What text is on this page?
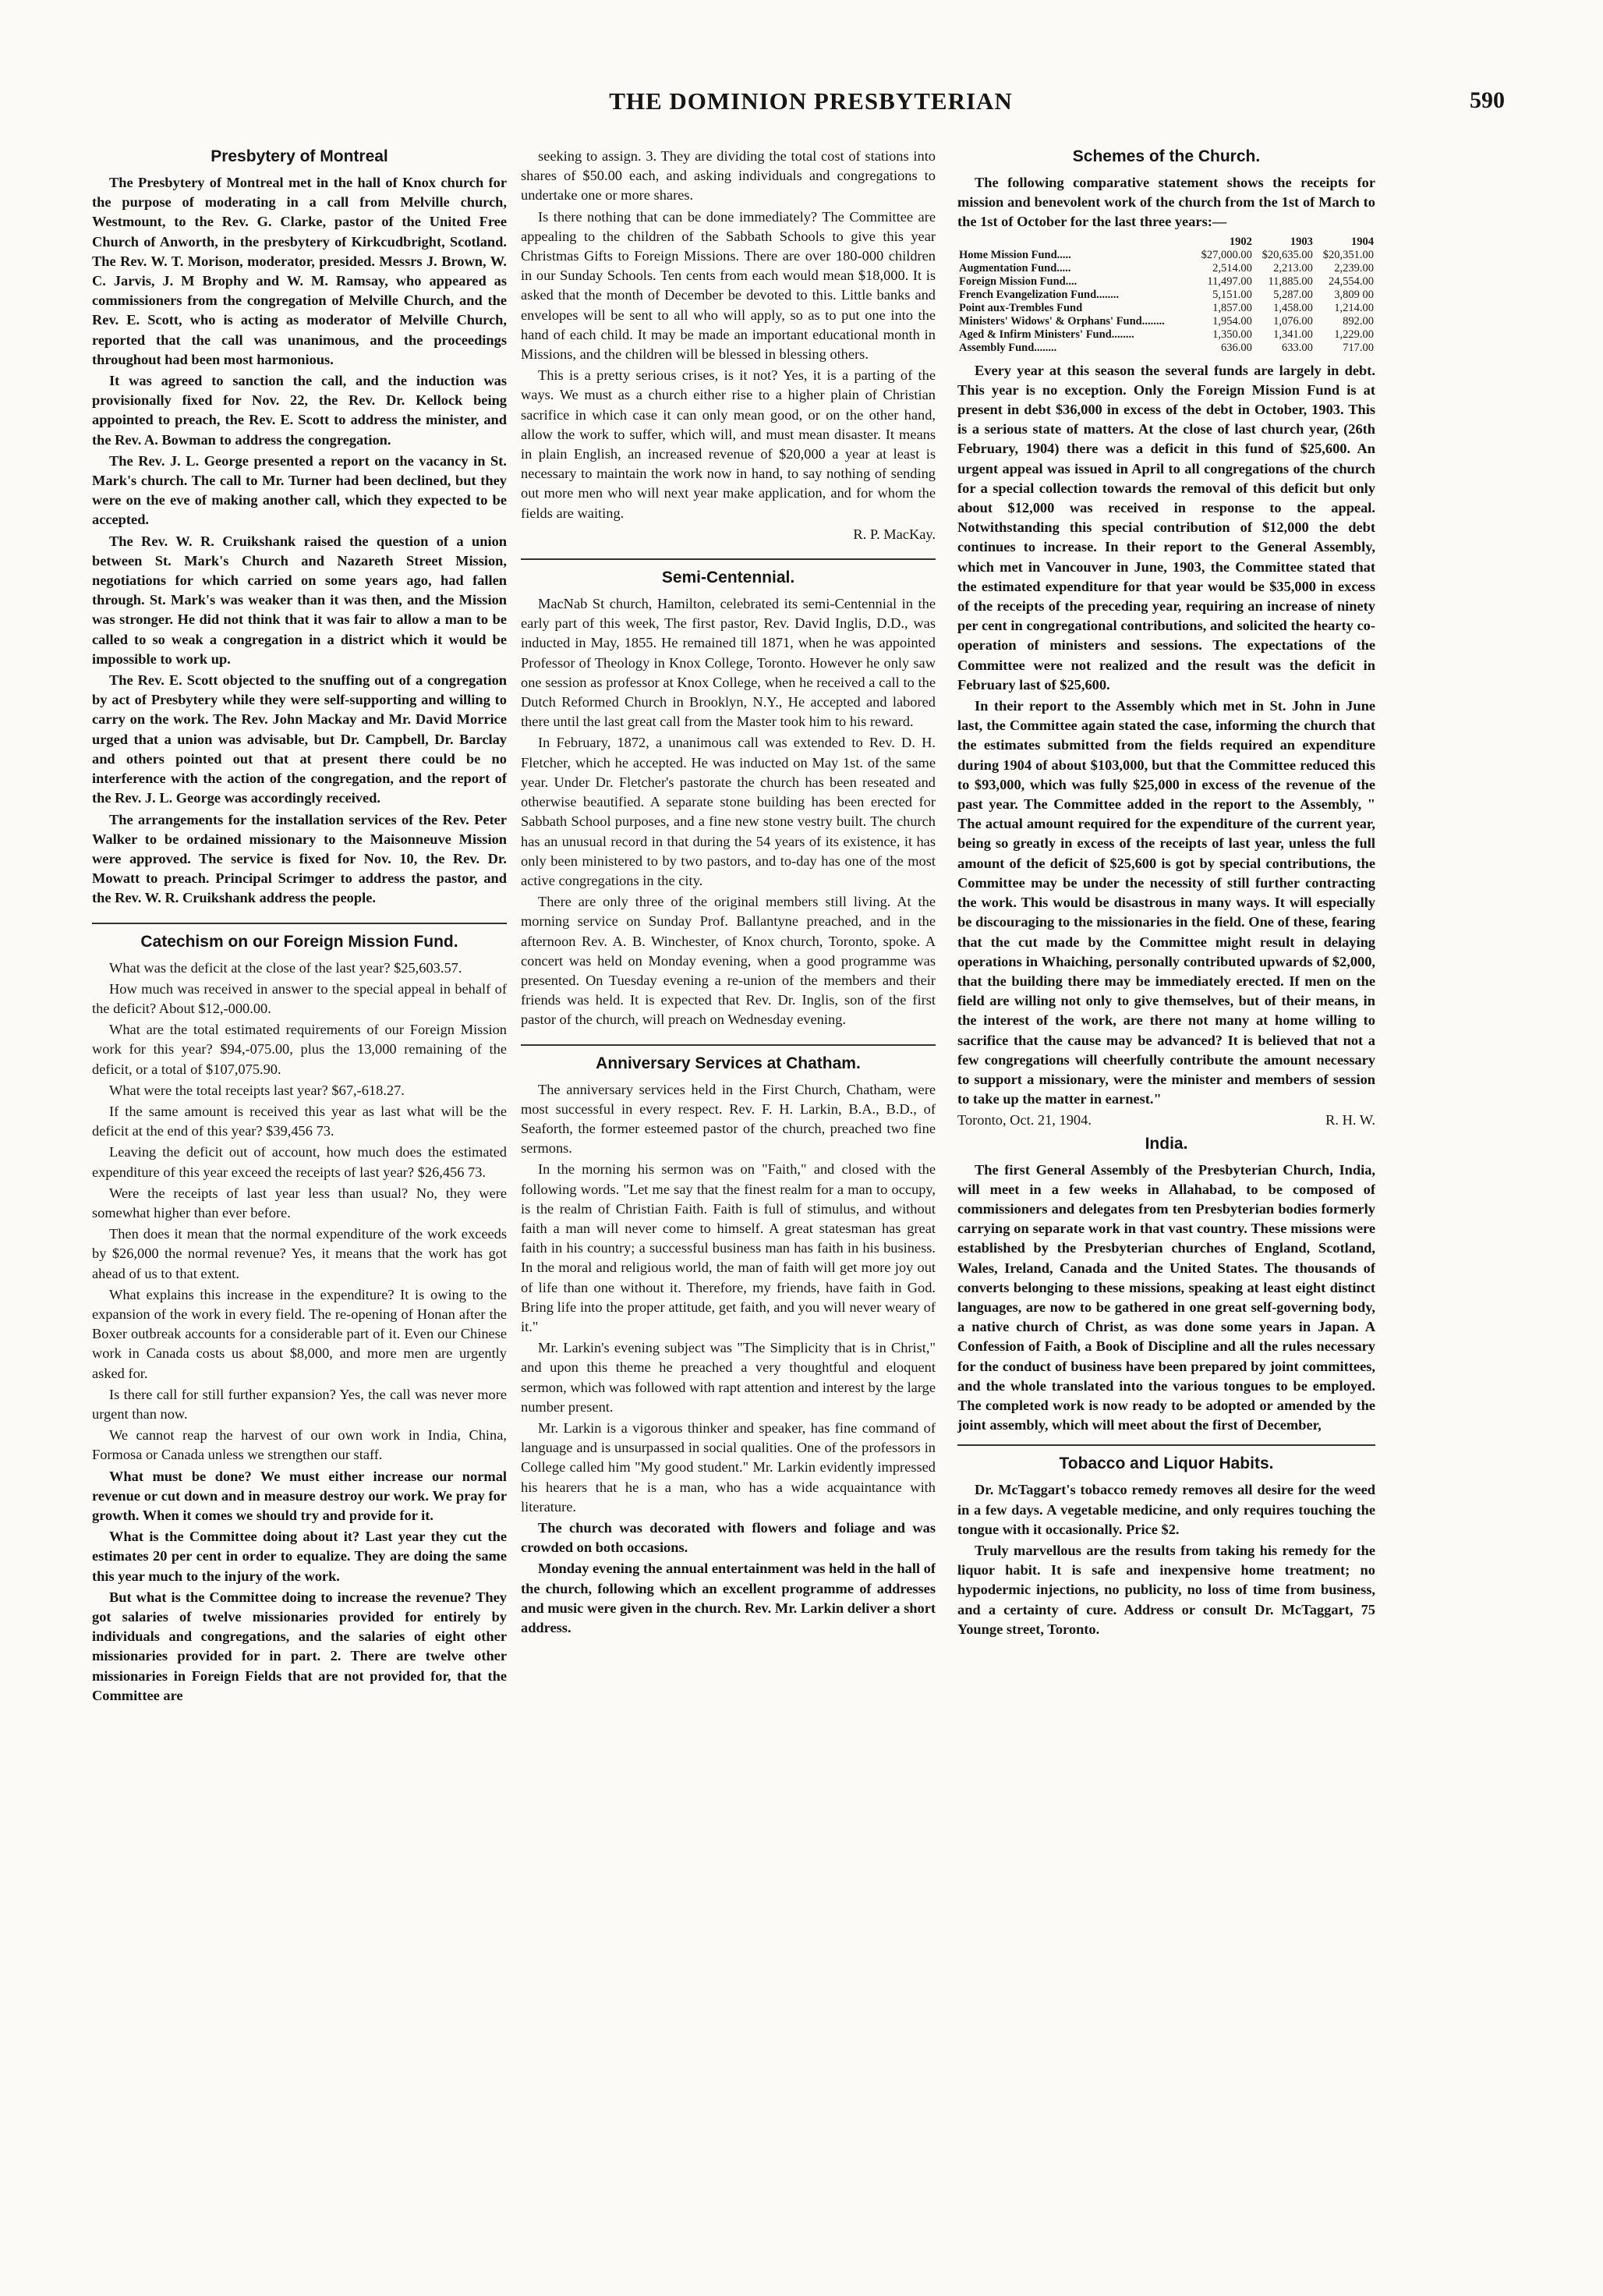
THE DOMINION PRESBYTERIAN	590
Presbytery of Montreal

The Presbytery of Montreal met in the hall of Knox church for the purpose of moderating in a call from Melville church, Westmount, to the Rev. G. Clarke, pastor of the United Free Church of Anworth, in the presbytery of Kirkcudbright, Scotland. The Rev. W. T. Morison, moderator, presided. Messrs J. Brown, W. C. Jarvis, J. M Brophy and W. M. Ramsay, who appeared as commissioners from the congregation of Melville Church, and the Rev. E. Scott, who is acting as moderator of Melville Church, reported that the call was unanimous, and the proceedings throughout had been most harmonious.

It was agreed to sanction the call, and the induction was provisionally fixed for Nov. 22, the Rev. Dr. Kellock being appointed to preach, the Rev. E. Scott to address the minister, and the Rev. A. Bowman to address the congregation.

The Rev. J. L. George presented a report on the vacancy in St. Mark's church. The call to Mr. Turner had been declined, but they were on the eve of making another call, which they expected to be accepted.

The Rev. W. R. Cruikshank raised the question of a union between St. Mark's Church and Nazareth Street Mission, negotiations for which carried on some years ago, had fallen through. St. Mark's was weaker than it was then, and the Mission was stronger. He did not think that it was fair to allow a man to be called to so weak a congregation in a district which it would be impossible to work up.

The Rev. E. Scott objected to the snuffing out of a congregation by act of Presbytery while they were self-supporting and willing to carry on the work. The Rev. John Mackay and Mr. David Morrice urged that a union was advisable, but Dr. Campbell, Dr. Barclay and others pointed out that at present there could be no interference with the action of the congregation, and the report of the Rev. J. L. George was accordingly received.

The arrangements for the installation services of the Rev. Peter Walker to be ordained missionary to the Maisonneuve Mission were approved. The service is fixed for Nov. 10, the Rev. Dr. Mowatt to preach. Principal Scrimger to address the pastor, and the Rev. W. R. Cruikshank address the people.

Catechism on our Foreign Mission Fund.

What was the deficit at the close of the last year? $25,603.57.

How much was received in answer to the special appeal in behalf of the deficit? About $12,-000.00.

What are the total estimated requirements of our Foreign Mission work for this year? $94,-075.00, plus the 13,000 remaining of the deficit, or a total of $107,075.90.

What were the total receipts last year? $67,-618.27.

If the same amount is received this year as last what will be the deficit at the end of this year? $39,456 73.

Leaving the deficit out of account, how much does the estimated expenditure of this year exceed the receipts of last year? $26,456 73.

Were the receipts of last year less than usual? No, they were somewhat higher than ever before.

Then does it mean that the normal expenditure of the work exceeds by $26,000 the normal revenue? Yes, it means that the work has got ahead of us to that extent.

What explains this increase in the expenditure? It is owing to the expansion of the work in every field. The re-opening of Honan after the Boxer outbreak accounts for a considerable part of it. Even our Chinese work in Canada costs us about $8,000, and more men are urgently asked for.

Is there call for still further expansion? Yes, the call was never more urgent than now.

We cannot reap the harvest of our own work in India, China, Formosa or Canada unless we strengthen our staff.

What must be done? We must either increase our normal revenue or cut down and in measure destroy our work. We pray for growth. When it comes we should try and provide for it.

What is the Committee doing about it? Last year they cut the estimates 20 per cent in order to equalize. They are doing the same this year much to the injury of the work.

But what is the Committee doing to increase the revenue? They got salaries of twelve missionaries provided for entirely by individuals and congregations, and the salaries of eight other missionaries provided for in part. 2. There are twelve other missionaries in Foreign Fields that are not provided for, that the Committee are

seeking to assign. 3. They are dividing the total cost of stations into shares of $50.00 each, and asking individuals and congregations to undertake one or more shares.

Is there nothing that can be done immediately? The Committee are appealing to the children of the Sabbath Schools to give this year Christmas Gifts to Foreign Missions. There are over 180-000 children in our Sunday Schools. Ten cents from each would mean $18,000. It is asked that the month of December be devoted to this. Little banks and envelopes will be sent to all who will apply, so as to put one into the hand of each child. It may be made an important educational month in Missions, and the children will be blessed in blessing others.

This is a pretty serious crises, is it not? Yes, it is a parting of the ways. We must as a church either rise to a higher plain of Christian sacrifice in which case it can only mean good, or on the other hand, allow the work to suffer, which will, and must mean disaster. It means in plain English, an increased revenue of $20,000 a year at least is necessary to maintain the work now in hand, to say nothing of sending out more men who will next year make application, and for whom the fields are waiting.

R. P. MacKay.
Semi-Centennial.

MacNab St church, Hamilton, celebrated its semi-Centennial in the early part of this week, The first pastor, Rev. David Inglis, D.D., was inducted in May, 1855. He remained till 1871, when he was appointed Professor of Theology in Knox College, Toronto. However he only saw one session as professor at Knox College, when he received a call to the Dutch Reformed Church in Brooklyn, N.Y., He accepted and labored there until the last great call from the Master took him to his reward.

In February, 1872, a unanimous call was extended to Rev. D. H. Fletcher, which he accepted. He was inducted on May 1st. of the same year. Under Dr. Fletcher's pastorate the church has been reseated and otherwise beautified. A separate stone building has been erected for Sabbath School purposes, and a fine new stone vestry built. The church has an unusual record in that during the 54 years of its existence, it has only been ministered to by two pastors, and to-day has one of the most active congregations in the city.

There are only three of the original members still living. At the morning service on Sunday Prof. Ballantyne preached, and in the afternoon Rev. A. B. Winchester, of Knox church, Toronto, spoke. A concert was held on Monday evening, when a good programme was presented. On Tuesday evening a re-union of the members and their friends was held. It is expected that Rev. Dr. Inglis, son of the first pastor of the church, will preach on Wednesday evening.

Anniversary Services at Chatham.

The anniversary services held in the First Church, Chatham, were most successful in every respect. Rev. F. H. Larkin, B.A., B.D., of Seaforth, the former esteemed pastor of the church, preached two fine sermons.

In the morning his sermon was on "Faith," and closed with the following words. "Let me say that the finest realm for a man to occupy, is the realm of Christian Faith. Faith is full of stimulus, and without faith a man will never come to himself. A great statesman has great faith in his country; a successful business man has faith in his business. In the moral and religious world, the man of faith will get more joy out of life than one without it. Therefore, my friends, have faith in God. Bring life into the proper attitude, get faith, and you will never weary of it."

Mr. Larkin's evening subject was "The Simplicity that is in Christ," and upon this theme he preached a very thoughtful and eloquent sermon, which was followed with rapt attention and interest by the large number present.

Mr. Larkin is a vigorous thinker and speaker, has fine command of language and is unsurpassed in social qualities. One of the professors in College called him "My good student." Mr. Larkin evidently impressed his hearers that he is a man, who has a wide acquaintance with literature.

The church was decorated with flowers and foliage and was crowded on both occasions.

Monday evening the annual entertainment was held in the hall of the church, following which an excellent programme of addresses and music were given in the church. Rev. Mr. Larkin deliver a short address.

Schemes of the Church.

The following comparative statement shows the receipts for mission and benevolent work of the church from the 1st of March to the 1st of October for the last three years:—

	1902	1903	1904
Home Mission Fund.....	$27,000.00	$20,635.00	$20,351.00
Augmentation Fund.....	2,514.00	2,213.00	2,239.00
Foreign Mission Fund....	11,497.00	11,885.00	24,554.00
French Evangelization Fund........	5,151.00	5,287.00	3,809 00
Point aux-Trembles Fund	1,857.00	1,458.00	1,214.00
Ministers' Widows' & Orphans' Fund........	1,954.00	1,076.00	892.00
Aged & Infirm Ministers' Fund........	1,350.00	1,341.00	1,229.00
Assembly Fund........	636.00	633.00	717.00

Every year at this season the several funds are largely in debt. This year is no exception. Only the Foreign Mission Fund is at present in debt $36,000 in excess of the debt in October, 1903. This is a serious state of matters. At the close of last church year, (26th February, 1904) there was a deficit in this fund of $25,600. An urgent appeal was issued in April to all congregations of the church for a special collection towards the removal of this deficit but only about $12,000 was received in response to the appeal. Notwithstanding this special contribution of $12,000 the debt continues to increase. In their report to the General Assembly, which met in Vancouver in June, 1903, the Committee stated that the estimated expenditure for that year would be $35,000 in excess of the receipts of the preceding year, requiring an increase of ninety per cent in congregational contributions, and solicited the hearty co-operation of ministers and sessions. The expectations of the Committee were not realized and the result was the deficit in February last of $25,600.

In their report to the Assembly which met in St. John in June last, the Committee again stated the case, informing the church that the estimates submitted from the fields required an expenditure during 1904 of about $103,000, but that the Committee reduced this to $93,000, which was fully $25,000 in excess of the revenue of the past year. The Committee added in the report to the Assembly, " The actual amount required for the expenditure of the current year, being so greatly in excess of the receipts of last year, unless the full amount of the deficit of $25,600 is got by special contributions, the Committee may be under the necessity of still further contracting the work. This would be disastrous in many ways. It will especially be discouraging to the missionaries in the field. One of these, fearing that the cut made by the Committee might result in delaying operations in Whaiching, personally contributed upwards of $2,000, that the building there may be immediately erected. If men on the field are willing not only to give themselves, but of their means, in the interest of the work, are there not many at home willing to sacrifice that the cause may be advanced? It is believed that not a few congregations will cheerfully contribute the amount necessary to support a missionary, were the minister and members of session to take up the matter in earnest."

Toronto, Oct. 21, 1904.	R. H. W.
India.

The first General Assembly of the Presbyterian Church, India, will meet in a few weeks in Allahabad, to be composed of commissioners and delegates from ten Presbyterian bodies formerly carrying on separate work in that vast country. These missions were established by the Presbyterian churches of England, Scotland, Wales, Ireland, Canada and the United States. The thousands of converts belonging to these missions, speaking at least eight distinct languages, are now to be gathered in one great self-governing body, a native church of Christ, as was done some years in Japan. A Confession of Faith, a Book of Discipline and all the rules necessary for the conduct of business have been prepared by joint committees, and the whole translated into the various tongues to be employed. The completed work is now ready to be adopted or amended by the joint assembly, which will meet about the first of December,

Tobacco and Liquor Habits.

Dr. McTaggart's tobacco remedy removes all desire for the weed in a few days. A vegetable medicine, and only requires touching the tongue with it occasionally. Price $2.

Truly marvellous are the results from taking his remedy for the liquor habit. It is safe and inexpensive home treatment; no hypodermic injections, no publicity, no loss of time from business, and a certainty of cure. Address or consult Dr. McTaggart, 75 Younge street, Toronto.
